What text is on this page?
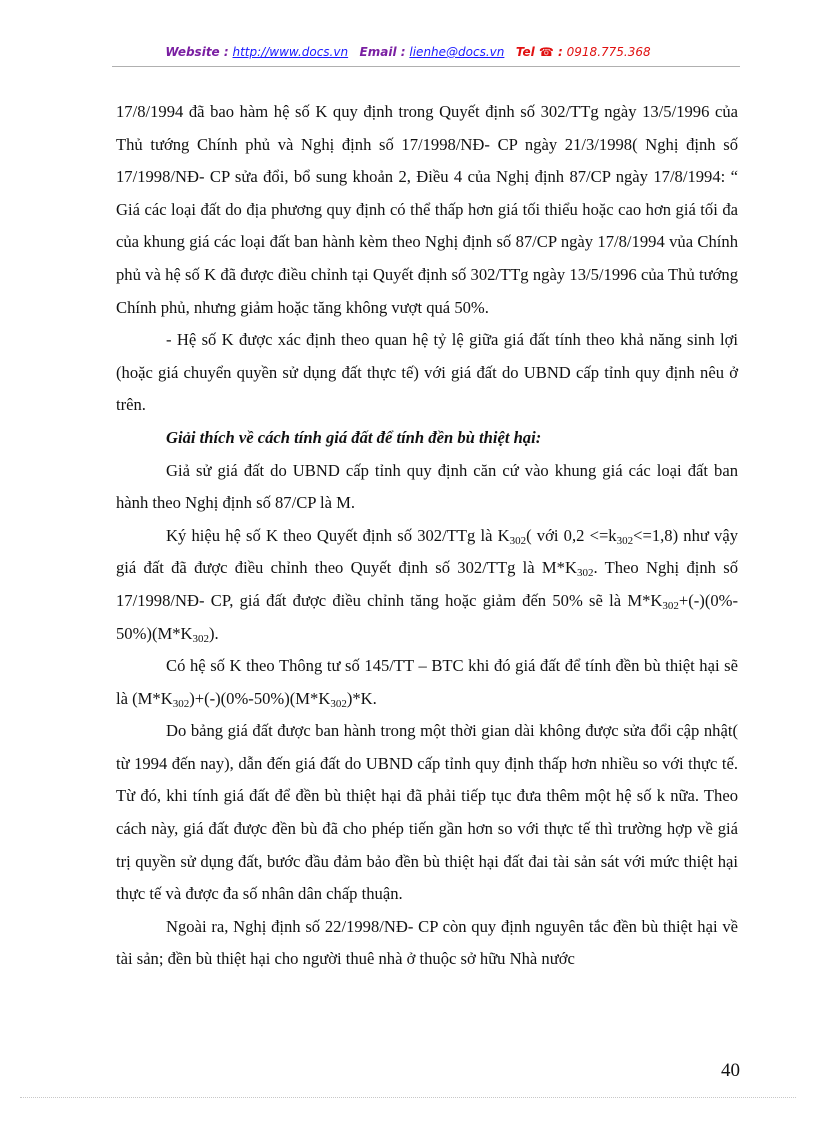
Website : http://www.docs.vn Email : lienhe@docs.vn Tel ☎ : 0918.775.368

17/8/1994 đã bao hàm hệ số K quy định trong Quyết định số 302/TTg ngày 13/5/1996 của Thủ tướng Chính phủ và Nghị định số 17/1998/NĐ- CP ngày 21/3/1998( Nghị định số 17/1998/NĐ- CP sửa đổi, bổ sung khoản 2, Điều 4 của Nghị định 87/CP ngày 17/8/1994: “ Giá các loại đất do địa phương quy định có thể thấp hơn giá tối thiểu hoặc cao hơn giá tối đa của khung giá các loại đất ban hành kèm theo Nghị định số 87/CP ngày 17/8/1994 vủa Chính phủ và hệ số K đã được điều chỉnh tại Quyết định số 302/TTg ngày 13/5/1996 của Thủ tướng Chính phủ, nhưng giảm hoặc tăng không vượt quá 50%.

- Hệ số K được xác định theo quan hệ tỷ lệ giữa giá đất tính theo khả năng sinh lợi (hoặc giá chuyển quyền sử dụng đất thực tế) với giá đất do UBND cấp tỉnh quy định nêu ở trên.

Giải thích về cách tính giá đất để tính đền bù thiệt hại:

Giả sử giá đất do UBND cấp tỉnh quy định căn cứ vào khung giá các loại đất ban hành theo Nghị định số 87/CP là M.

Ký hiệu hệ số K theo Quyết định số 302/TTg là $K_{302}$( với $0,2 <=k_{302}<=1,8$) như vậy giá đất đã được điều chỉnh theo Quyết định số 302/TTg là $M*K_{302}$. Theo Nghị định số 17/1998/NĐ- CP, giá đất được điều chỉnh tăng hoặc giảm đến 50% sẽ là $M*K_{302}+(-)(0\%-$ $50\%)(M*K_{302})$.

Có hệ số K theo Thông tư số 145/TT – BTC khi đó giá đất để tính đền bù thiệt hại sẽ là $(M*K_{302})+(-)(0\%-50\%)(M*K_{302})*K$.

Do bảng giá đất được ban hành trong một thời gian dài không được sửa đổi cập nhật( từ 1994 đến nay), dẫn đến giá đất do UBND cấp tỉnh quy định thấp hơn nhiều so với thực tế. Từ đó, khi tính giá đất để đền bù thiệt hại đã phải tiếp tục đưa thêm một hệ số k nữa. Theo cách này, giá đất được đền bù đã cho phép tiến gần hơn so với thực tế thì trường hợp về giá trị quyền sử dụng đất, bước đầu đảm bảo đền bù thiệt hại đất đai tài sản sát với mức thiệt hại thực tế và được đa số nhân dân chấp thuận.

Ngoài ra, Nghị định số 22/1998/NĐ- CP còn quy định nguyên tắc đền bù thiệt hại về tài sản; đền bù thiệt hại cho người thuê nhà ở thuộc sở hữu Nhà nước

40
